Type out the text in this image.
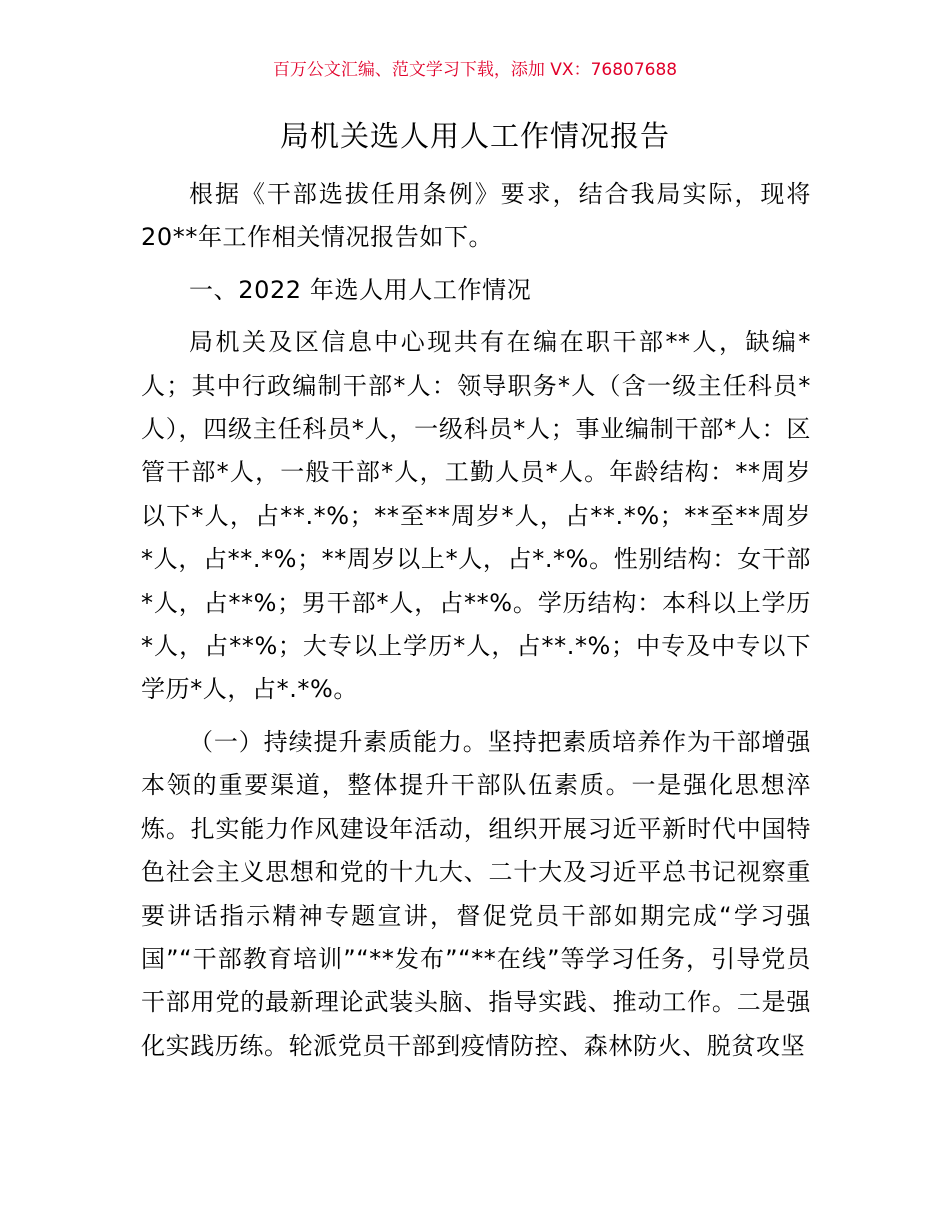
百万公文汇编、范文学习下载，添加 VX：76807688
局机关选人用人工作情况报告

根据《干部选拔任用条例》要求，结合我局实际，现将20**年工作相关情况报告如下。

一、2022 年选人用人工作情况

局机关及区信息中心现共有在编在职干部**人，缺编*人；其中行政编制干部*人：领导职务*人（含一级主任科员*人），四级主任科员*人，一级科员*人；事业编制干部*人：区管干部*人，一般干部*人，工勤人员*人。年龄结构：**周岁以下*人，占**.*%；**至**周岁*人，占**.*%；**至**周岁*人，占**.*%；**周岁以上*人，占*.*%。性别结构：女干部*人，占**%；男干部*人，占**%。学历结构：本科以上学历*人，占**%；大专以上学历*人，占**.*%；中专及中专以下学历*人，占*.*%。

（一）持续提升素质能力。坚持把素质培养作为干部增强本领的重要渠道，整体提升干部队伍素质。一是强化思想淬炼。扎实能力作风建设年活动，组织开展习近平新时代中国特色社会主义思想和党的十九大、二十大及习近平总书记视察重要讲话指示精神专题宣讲，督促党员干部如期完成“学习强国”“干部教育培训”“**发布”“**在线”等学习任务，引导党员干部用党的最新理论武装头脑、指导实践、推动工作。二是强化实践历练。轮派党员干部到疫情防控、森林防火、脱贫攻坚
